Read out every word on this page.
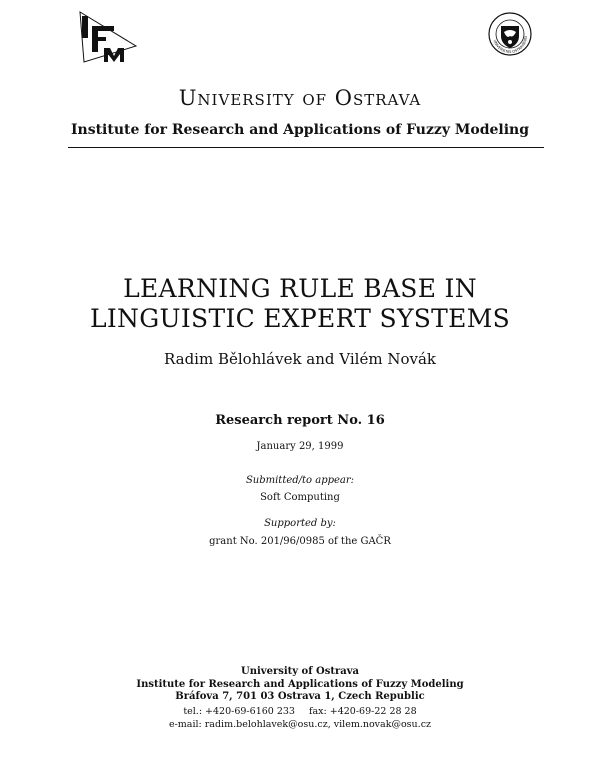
UNIVERSITAS OSTRAVIENSI
University of Ostrava
Institute for Research and Applications of Fuzzy Modeling
LEARNING RULE BASE IN
LINGUISTIC EXPERT SYSTEMS
Radim Bělohlávek and Vilém Novák
Research report No. 16
January 29, 1999
Submitted/to appear:
Soft Computing
Supported by:
grant No. 201/96/0985 of the GAČR
University of Ostrava
Institute for Research and Applications of Fuzzy Modeling
Bráfova 7, 701 03 Ostrava 1, Czech Republic
tel.: +420-69-6160 233 fax: +420-69-22 28 28
e-mail: radim.belohlavek@osu.cz, vilem.novak@osu.cz
